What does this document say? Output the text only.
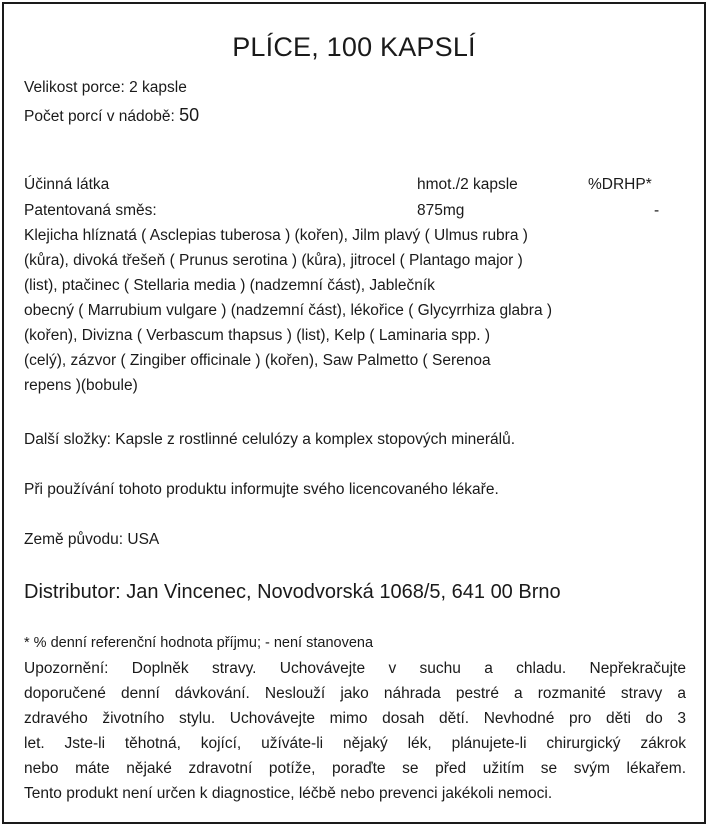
PLÍCE, 100 KAPSLÍ
Velikost porce: 2 kapsle
Počet porcí v nádobě: 50
Účinná látka	hmot./2 kapsle	%DRHP*
Patentovaná směs:	875mg	-
Klejicha hlíznatá ( Asclepias tuberosa ) (kořen), Jilm plavý ( Ulmus rubra )
(kůra), divoká třešeň ( Prunus serotina ) (kůra), jitrocel ( Plantago major )
(list), ptačinec ( Stellaria media ) (nadzemní část), Jablečník
obecný ( Marrubium vulgare ) (nadzemní část), lékořice ( Glycyrrhiza glabra )
(kořen), Divizna ( Verbascum thapsus ) (list), Kelp ( Laminaria spp. )
(celý), zázvor ( Zingiber officinale ) (kořen), Saw Palmetto ( Serenoa
repens )(bobule)
Další složky: Kapsle z rostlinné celulózy a komplex stopových minerálů.
Při používání tohoto produktu informujte svého licencovaného lékaře.
Země původu: USA
Distributor: Jan Vincenec, Novodvorská 1068/5, 641 00 Brno
* % denní referenční hodnota příjmu; - není stanovena
Upozornění: Doplněk stravy. Uchovávejte v suchu a chladu. Nepřekračujte
doporučené denní dávkování. Neslouží jako náhrada pestré a rozmanité stravy a
zdravého životního stylu. Uchovávejte mimo dosah dětí. Nevhodné pro děti do 3
let. Jste-li těhotná, kojící, užíváte-li nějaký lék, plánujete-li chirurgický zákrok
nebo máte nějaké zdravotní potíže, poraďte se před užitím se svým lékařem.
Tento produkt není určen k diagnostice, léčbě nebo prevenci jakékoli nemoci.
